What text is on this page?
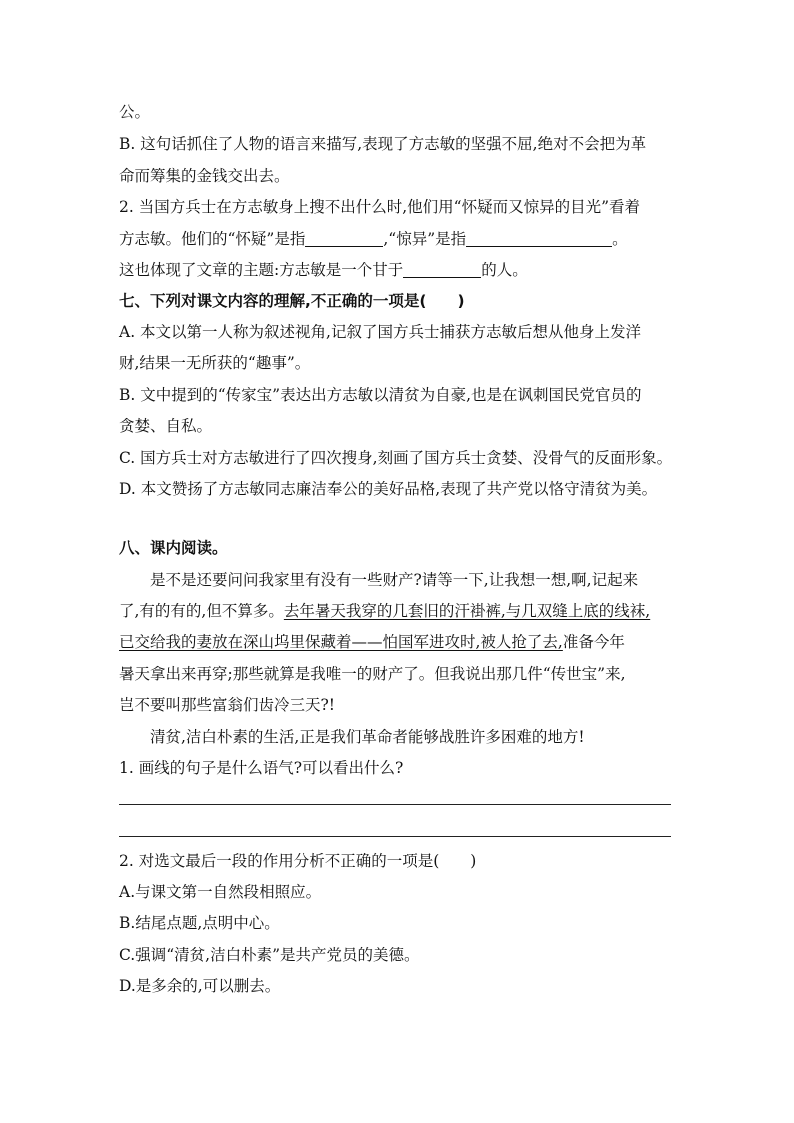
公。
B. 这句话抓住了人物的语言来描写,表现了方志敏的坚强不屈,绝对不会把为革
命而筹集的金钱交出去。
2. 当国方兵士在方志敏身上搜不出什么时,他们用“怀疑而又惊异的目光”看着
方志敏。他们的“怀疑”是指	,“惊异”是指	。
这也体现了文章的主题:方志敏是一个甘于	的人。
七、下列对课文内容的理解,不正确的一项是(　　)
A. 本文以第一人称为叙述视角,记叙了国方兵士捕获方志敏后想从他身上发洋
财,结果一无所获的“趣事”。
B. 文中提到的“传家宝”表达出方志敏以清贫为自豪,也是在讽刺国民党官员的
贪婪、自私。
C. 国方兵士对方志敏进行了四次搜身,刻画了国方兵士贪婪、没骨气的反面形象。
D. 本文赞扬了方志敏同志廉洁奉公的美好品格,表现了共产党以恪守清贫为美。
八、课内阅读。
是不是还要问问我家里有没有一些财产?请等一下,让我想一想,啊,记起来
了,有的有的,但不算多。去年暑天我穿的几套旧的汗褂裤,与几双缝上底的线袜,
已交给我的妻放在深山坞里保藏着——怕国军进攻时,被人抢了去,准备今年
暑天拿出来再穿;那些就算是我唯一的财产了。但我说出那几件“传世宝”来,
岂不要叫那些富翁们齿冷三天?!
清贫,洁白朴素的生活,正是我们革命者能够战胜许多困难的地方!
1. 画线的句子是什么语气?可以看出什么?
2. 对选文最后一段的作用分析不正确的一项是(　　)
A.与课文第一自然段相照应。
B.结尾点题,点明中心。
C.强调“清贫,洁白朴素”是共产党员的美德。
D.是多余的,可以删去。
